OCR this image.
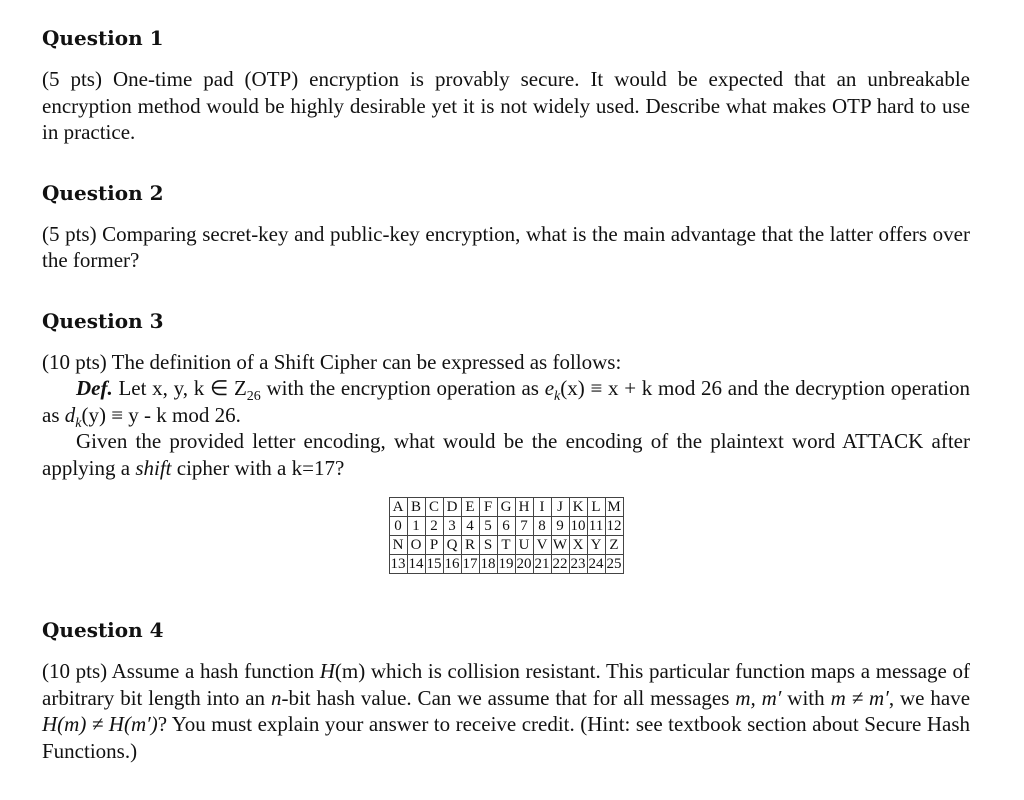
Question 1

(5 pts) One-time pad (OTP) encryption is provably secure. It would be expected that an unbreakable encryption method would be highly desirable yet it is not widely used. Describe what makes OTP hard to use in practice.

Question 2

(5 pts) Comparing secret-key and public-key encryption, what is the main advantage that the latter offers over the former?

Question 3

(10 pts) The definition of a Shift Cipher can be expressed as follows:

Def. Let x, y, k ∈ $Z_{26}$ with the encryption operation as $e_k(x) \equiv x + k$ mod 26 and the decryption operation as $d_k(y) \equiv y - k$ mod 26.

Given the provided letter encoding, what would be the encoding of the plaintext word ATTACK after applying a shift cipher with a k=17?

A	B	C	D	E	F	G	H	I	J	K	L	M
0	1	2	3	4	5	6	7	8	9	10	11	12
N	O	P	Q	R	S	T	U	V	W	X	Y	Z
13	14	15	16	17	18	19	20	21	22	23	24	25
Question 4

(10 pts) Assume a hash function H(m) which is collision resistant. This particular function maps a message of arbitrary bit length into an n-bit hash value. Can we assume that for all messages m, m′ with m ≠ m′, we have H(m) ≠ H(m′)? You must explain your answer to receive credit. (Hint: see textbook section about Secure Hash Functions.)
